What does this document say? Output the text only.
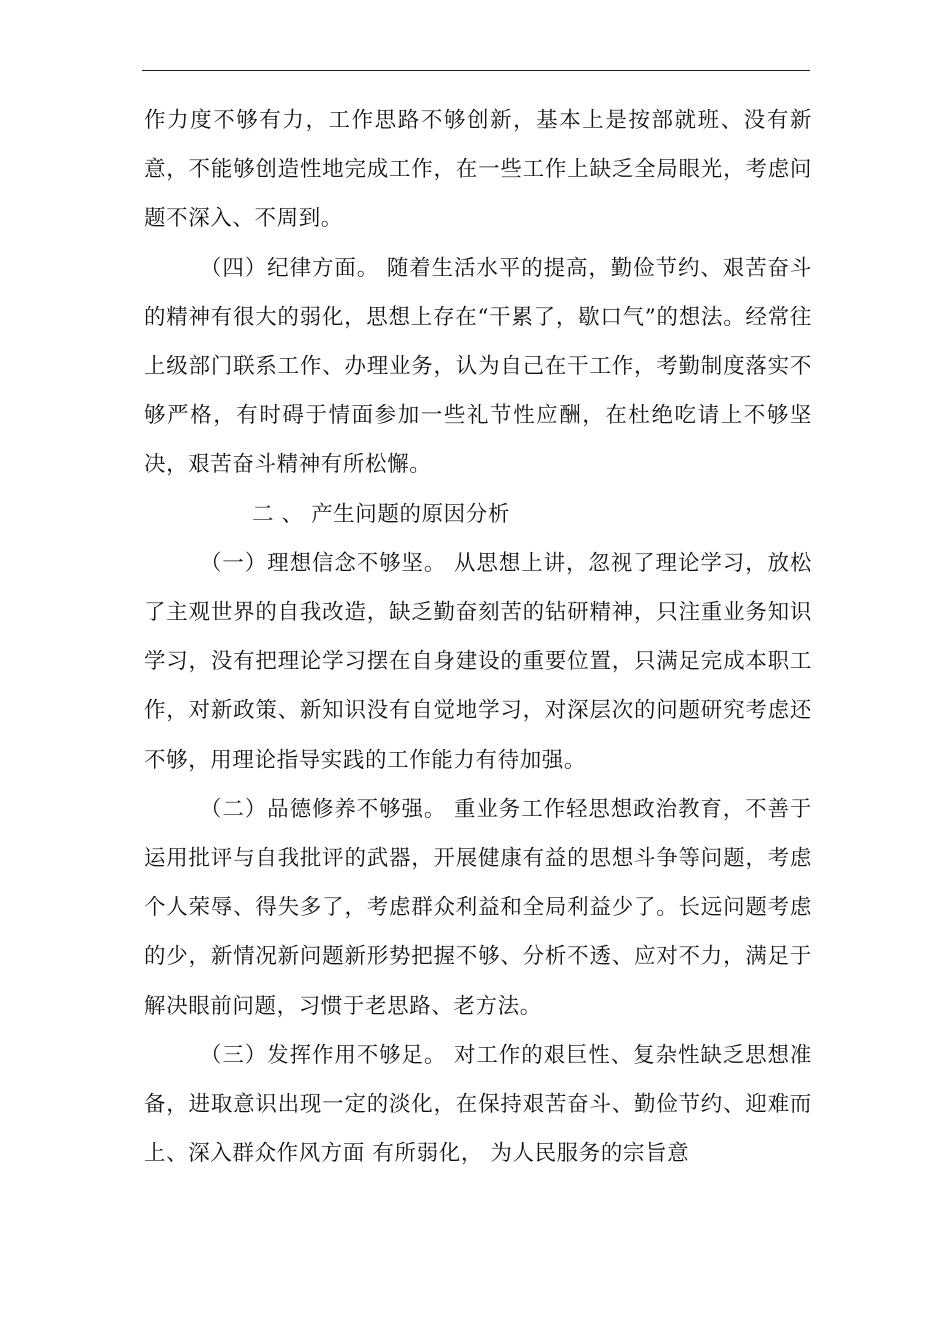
作力度不够有力，工作思路不够创新，基本上是按部就班、没有新意，不能够创造性地完成工作，在一些工作上缺乏全局眼光，考虑问题不深入、不周到。

（四）纪律方面。 随着生活水平的提高，勤俭节约、艰苦奋斗的精神有很大的弱化，思想上存在“干累了，歇口气”的想法。经常往上级部门联系工作、办理业务，认为自己在干工作，考勤制度落实不够严格，有时碍于情面参加一些礼节性应酬，在杜绝吃请上不够坚决，艰苦奋斗精神有所松懈。

二 、 产生问题的原因分析

（一）理想信念不够坚。 从思想上讲，忽视了理论学习，放松了主观世界的自我改造，缺乏勤奋刻苦的钻研精神，只注重业务知识学习，没有把理论学习摆在自身建设的重要位置，只满足完成本职工作，对新政策、新知识没有自觉地学习，对深层次的问题研究考虑还不够，用理论指导实践的工作能力有待加强。

（二）品德修养不够强。 重业务工作轻思想政治教育，不善于运用批评与自我批评的武器，开展健康有益的思想斗争等问题，考虑个人荣辱、得失多了，考虑群众利益和全局利益少了。长远问题考虑的少，新情况新问题新形势把握不够、分析不透、应对不力，满足于解决眼前问题，习惯于老思路、老方法。

（三）发挥作用不够足。 对工作的艰巨性、复杂性缺乏思想准备，进取意识出现一定的淡化，在保持艰苦奋斗、勤俭节约、迎难而上、深入群众作风方面 有所弱化， 为人民服务的宗旨意
